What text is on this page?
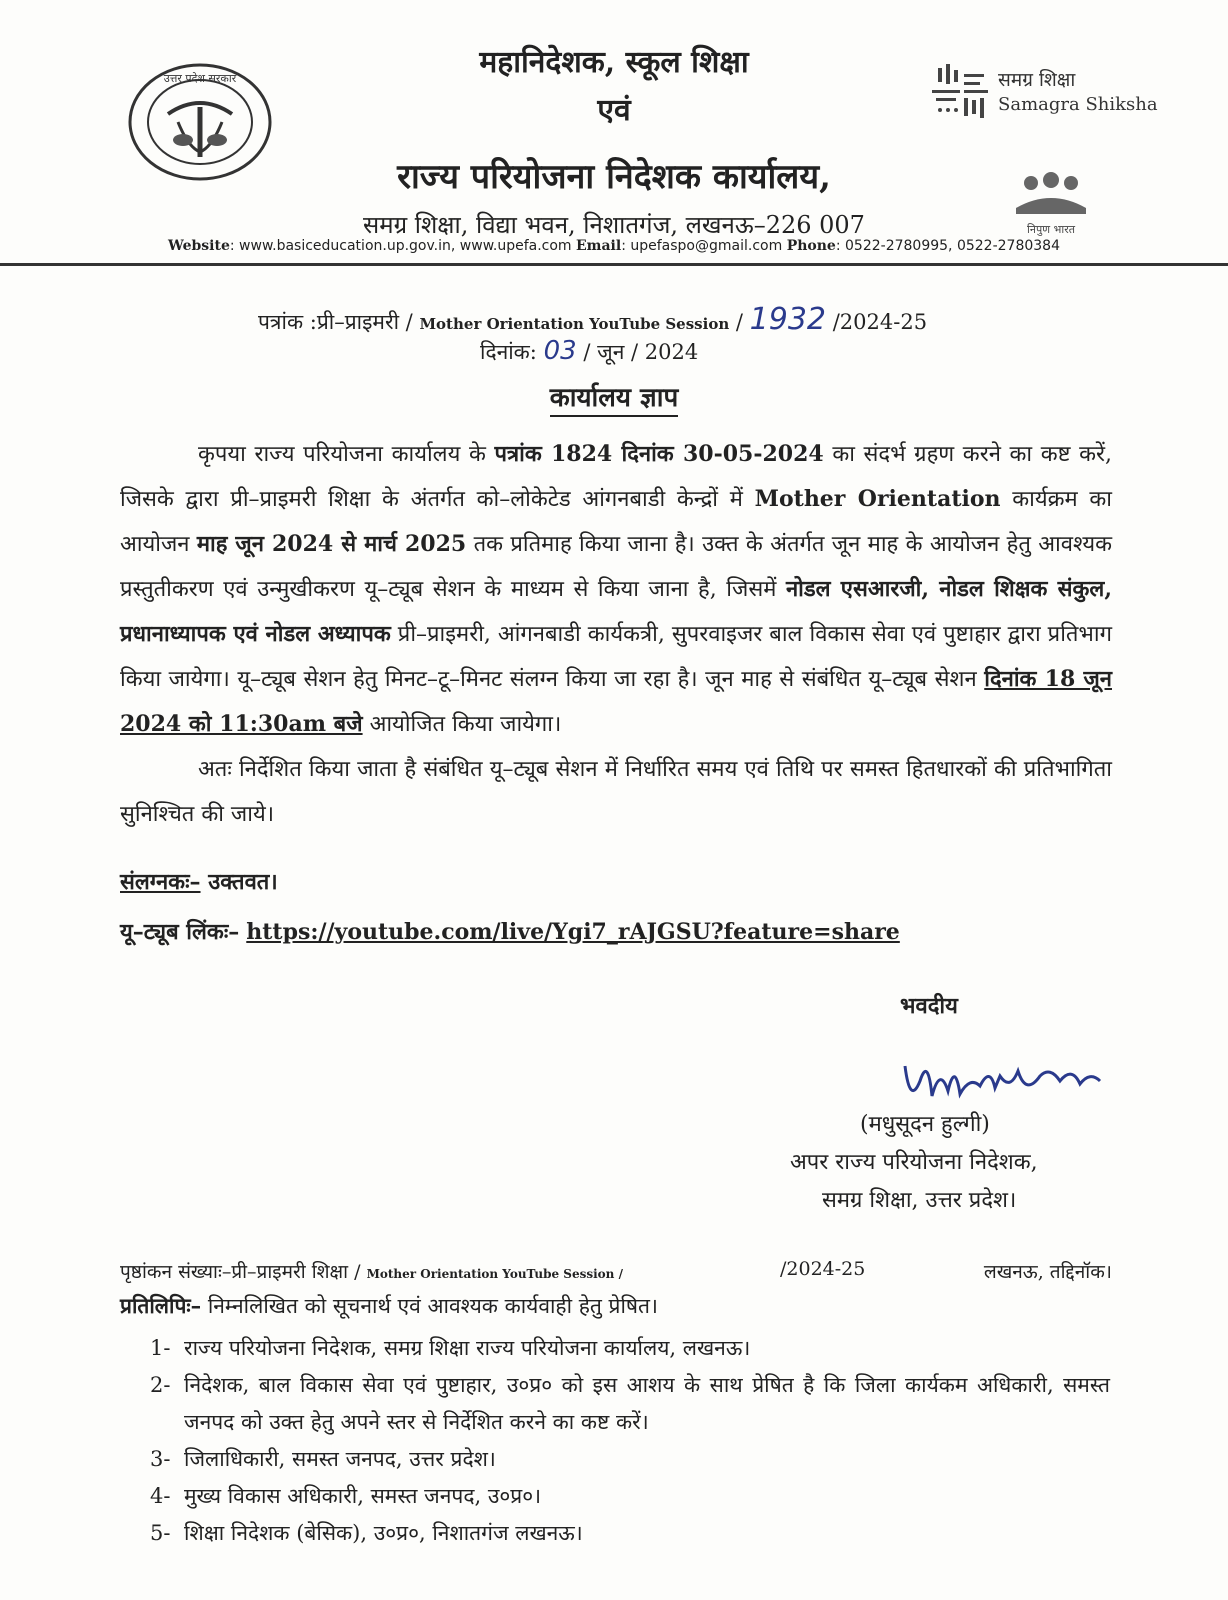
उत्तर प्रदेश सरकार	समग्र शिक्षा
Samagra Shiksha
निपुण भारत
महानिदेशक, स्कूल शिक्षा
एवं
राज्य परियोजना निदेशक कार्यालय,
समग्र शिक्षा, विद्या भवन, निशातगंज, लखनऊ–226 007
Website: www.basiceducation.up.gov.in, www.upefa.com Email: upefaspo@gmail.com Phone: 0522-2780995, 0522-2780384
पत्रांक :प्री–प्राइमरी / Mother Orientation YouTube Session / 1932 /2024-25
दिनांक: 03 / जून / 2024
कार्यालय ज्ञाप

कृपया राज्य परियोजना कार्यालय के पत्रांक 1824 दिनांक 30-05-2024 का संदर्भ ग्रहण करने का कष्ट करें, जिसके द्वारा प्री–प्राइमरी शिक्षा के अंतर्गत को–लोकेटेड आंगनबाडी केन्द्रों में Mother Orientation कार्यक्रम का आयोजन माह जून 2024 से मार्च 2025 तक प्रतिमाह किया जाना है। उक्त के अंतर्गत जून माह के आयोजन हेतु आवश्यक प्रस्तुतीकरण एवं उन्मुखीकरण यू–ट्यूब सेशन के माध्यम से किया जाना है, जिसमें नोडल एसआरजी, नोडल शिक्षक संकुल, प्रधानाध्यापक एवं नोडल अध्यापक प्री–प्राइमरी, आंगनबाडी कार्यकत्री, सुपरवाइजर बाल विकास सेवा एवं पुष्टाहार द्वारा प्रतिभाग किया जायेगा। यू–ट्यूब सेशन हेतु मिनट–टू–मिनट संलग्न किया जा रहा है। जून माह से संबंधित यू–ट्यूब सेशन दिनांक 18 जून 2024 को 11:30am बजे आयोजित किया जायेगा।

अतः निर्देशित किया जाता है संबंधित यू–ट्यूब सेशन में निर्धारित समय एवं तिथि पर समस्त हितधारकों की प्रतिभागिता सुनिश्चित की जाये।

संलग्नकः– उक्तवत।
यू–ट्यूब लिंकः– https://youtube.com/live/Ygi7_rAJGSU?feature=share
भवदीय
(मधुसूदन हुल्गी)
अपर राज्य परियोजना निदेशक,
समग्र शिक्षा, उत्तर प्रदेश।
पृष्ठांकन संख्याः–प्री–प्राइमरी शिक्षा / Mother Orientation YouTube Session /	/2024-25	लखनऊ, तद्दिनॉक।
प्रतिलिपिः– निम्नलिखित को सूचनार्थ एवं आवश्यक कार्यवाही हेतु प्रेषित।
1- राज्य परियोजना निदेशक, समग्र शिक्षा राज्य परियोजना कार्यालय, लखनऊ।
2- निदेशक, बाल विकास सेवा एवं पुष्टाहार, उ०प्र० को इस आशय के साथ प्रेषित है कि जिला कार्यकम अधिकारी, समस्त जनपद को उक्त हेतु अपने स्तर से निर्देशित करने का कष्ट करें।
3- जिलाधिकारी, समस्त जनपद, उत्तर प्रदेश।
4- मुख्य विकास अधिकारी, समस्त जनपद, उ०प्र०।
5- शिक्षा निदेशक (बेसिक), उ०प्र०, निशातगंज लखनऊ।
